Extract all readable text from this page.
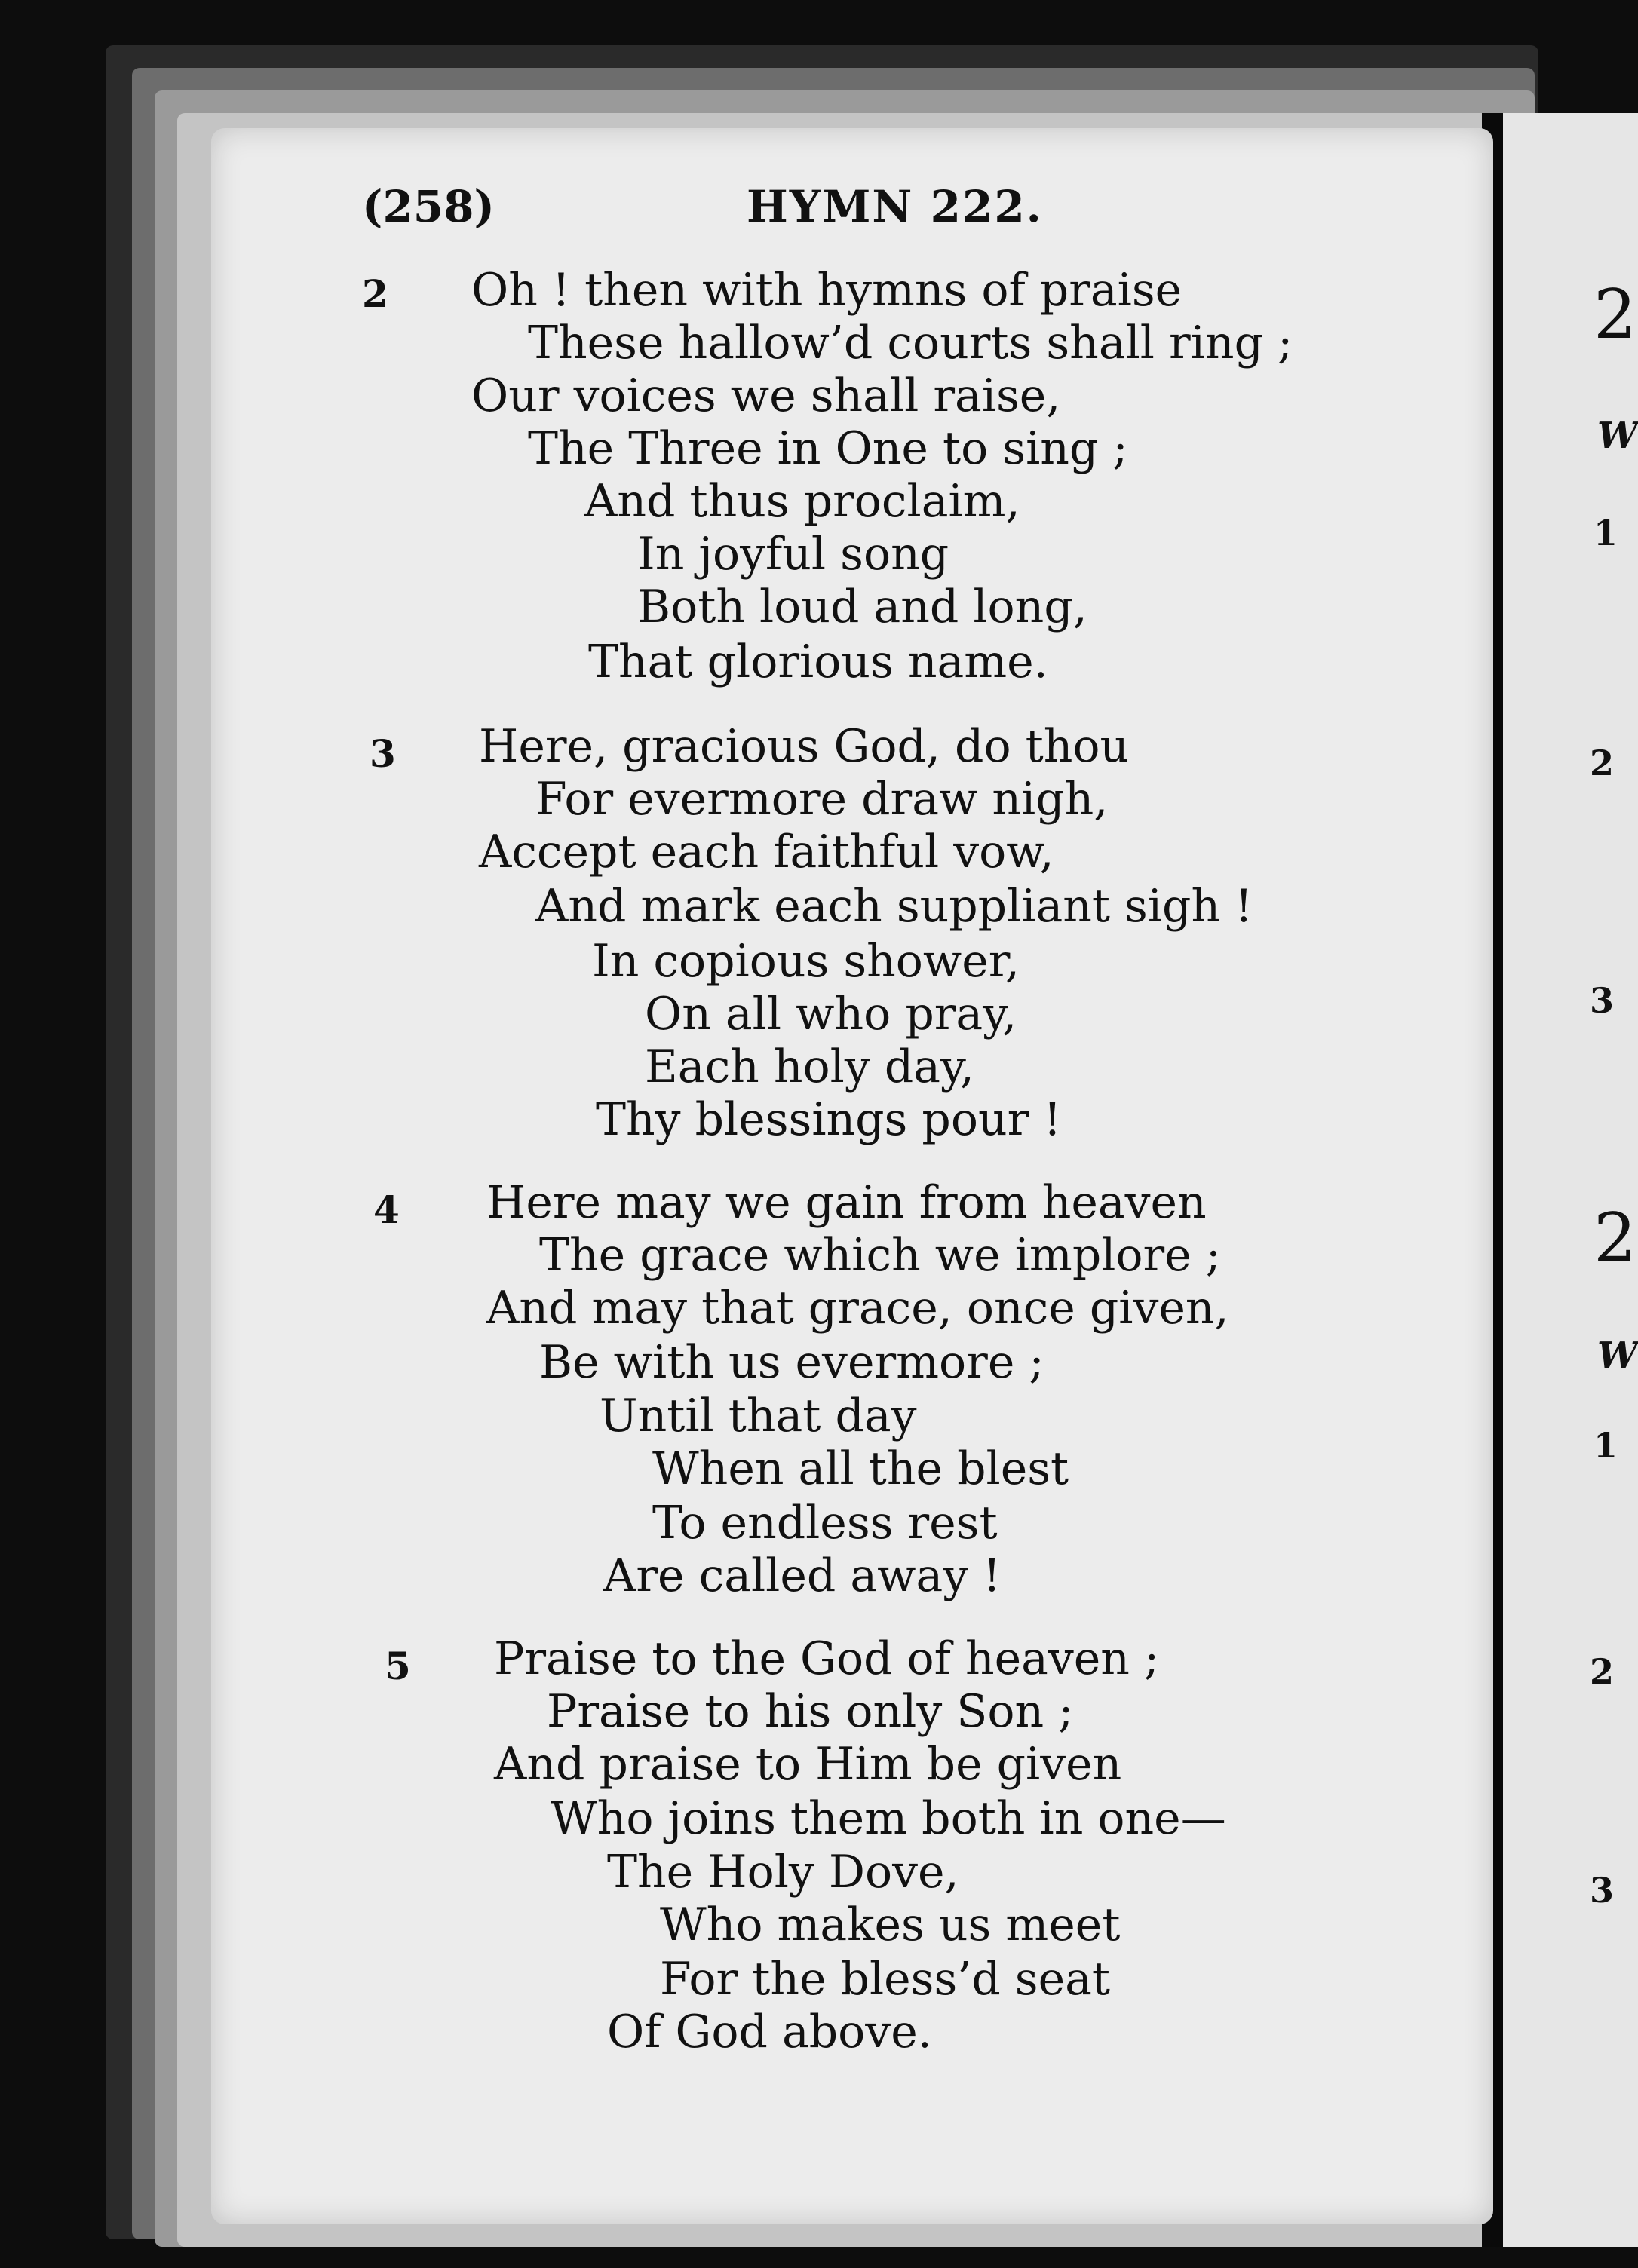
2
W
1
2
3
2
W
1
2
3
(258)	HYMN 222.
2 Oh ! then with hymns of praise
These hallow’d courts shall ring ;
Our voices we shall raise,
The Three in One to sing ;
And thus proclaim,
In joyful song
Both loud and long,
That glorious name.
3 Here, gracious God, do thou
For evermore draw nigh,
Accept each faithful vow,
And mark each suppliant sigh !
In copious shower,
On all who pray,
Each holy day,
Thy blessings pour !
4 Here may we gain from heaven
The grace which we implore ;
And may that grace, once given,
Be with us evermore ;
Until that day
When all the blest
To endless rest
Are called away !
5 Praise to the God of heaven ;
Praise to his only Son ;
And praise to Him be given
Who joins them both in one—
The Holy Dove,
Who makes us meet
For the bless’d seat
Of God above.
